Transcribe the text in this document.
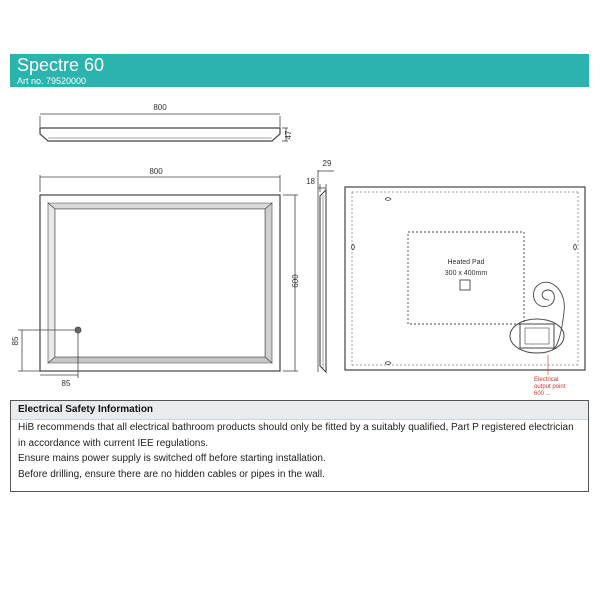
Spectre 60
Art no. 79520000
800
47
800
600
29
18
85
85
Heated Pad
300 x 400mm
Electrical
output point
600 ...
Electrical Safety Information
HiB recommends that all electrical bathroom products should only be fitted by a suitably qualified, Part P registered electrician
in accordance with current IEE regulations.
Ensure mains power supply is switched off before starting installation.
Before drilling, ensure there are no hidden cables or pipes in the wall.
